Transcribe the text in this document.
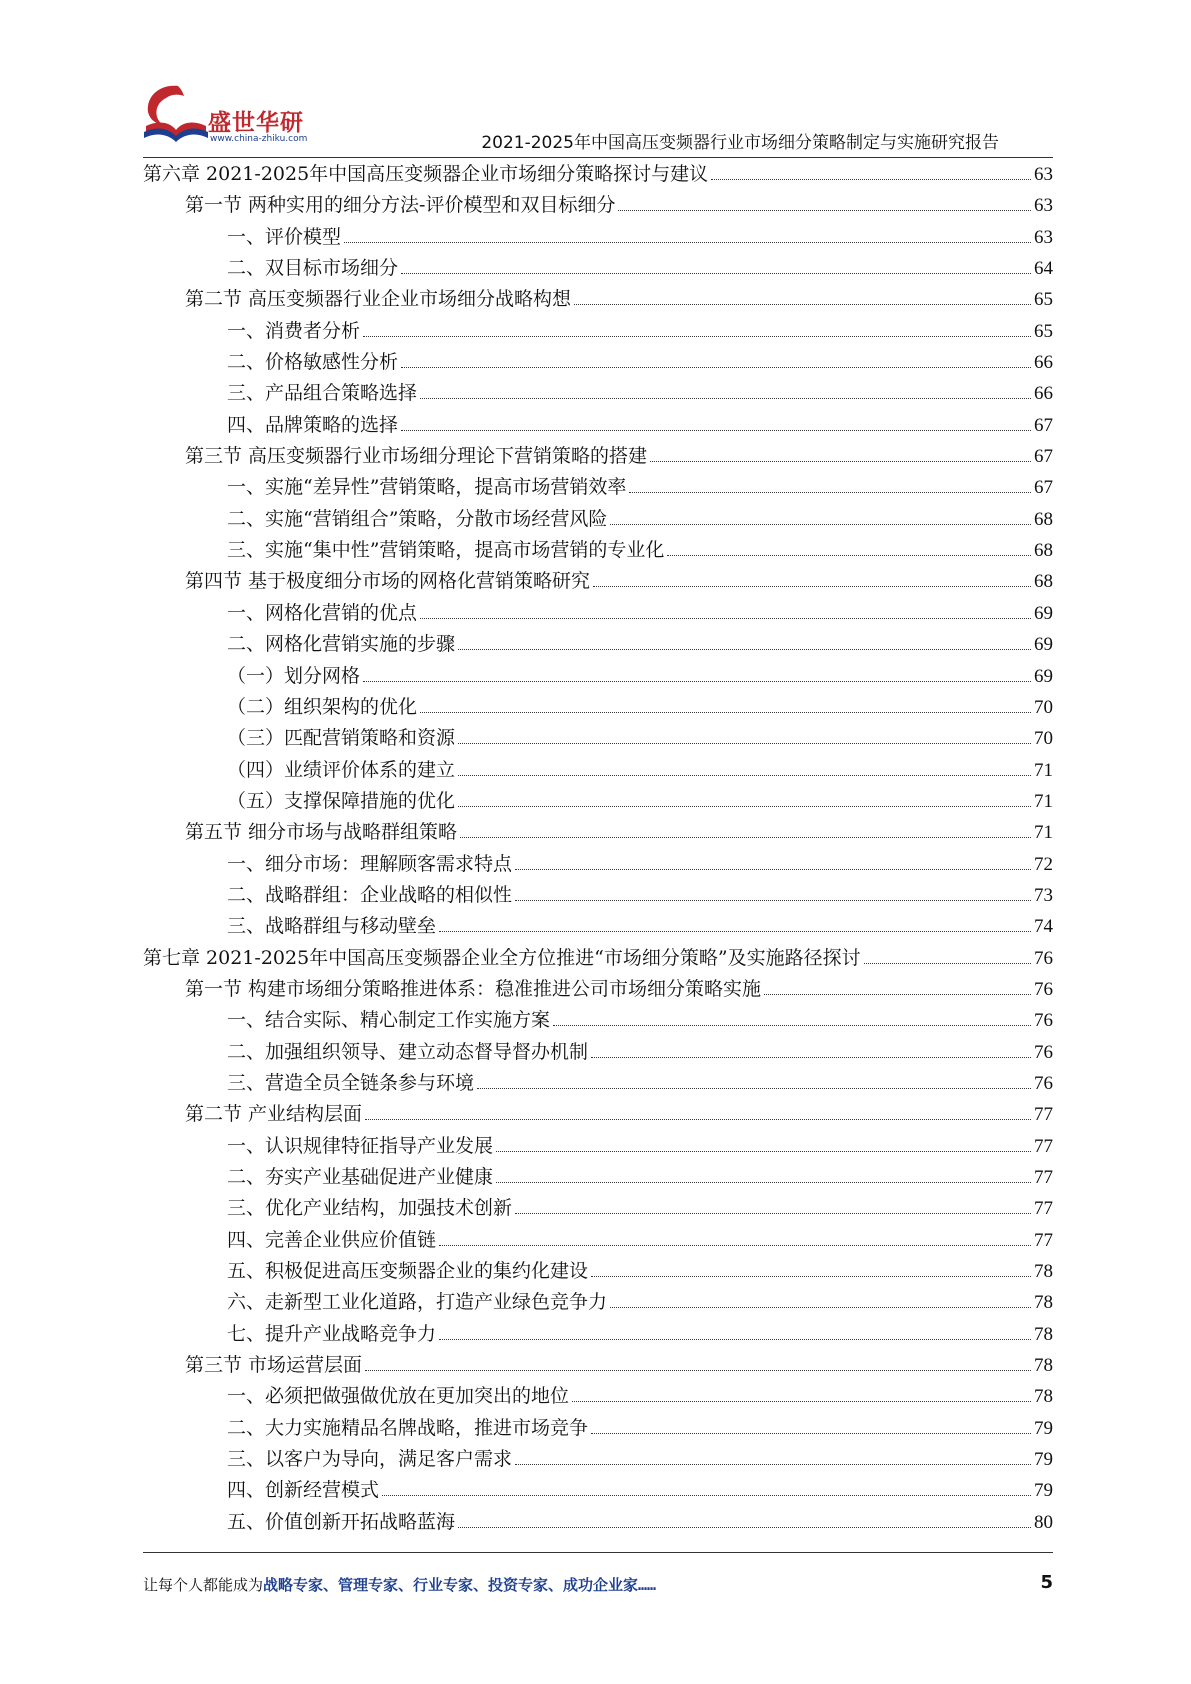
盛世华研
www.china-zhiku.com	2021-2025年中国高压变频器行业市场细分策略制定与实施研究报告
第六章 2021-2025年中国高压变频器企业市场细分策略探讨与建议	63
第一节 两种实用的细分方法-评价模型和双目标细分	63
一、评价模型	63
二、双目标市场细分	64
第二节 高压变频器行业企业市场细分战略构想	65
一、消费者分析	65
二、价格敏感性分析	66
三、产品组合策略选择	66
四、品牌策略的选择	67
第三节 高压变频器行业市场细分理论下营销策略的搭建	67
一、实施“差异性”营销策略，提高市场营销效率	67
二、实施“营销组合”策略，分散市场经营风险	68
三、实施“集中性”营销策略，提高市场营销的专业化	68
第四节 基于极度细分市场的网格化营销策略研究	68
一、网格化营销的优点	69
二、网格化营销实施的步骤	69
（一）划分网格	69
（二）组织架构的优化	70
（三）匹配营销策略和资源	70
（四）业绩评价体系的建立	71
（五）支撑保障措施的优化	71
第五节 细分市场与战略群组策略	71
一、细分市场：理解顾客需求特点	72
二、战略群组：企业战略的相似性	73
三、战略群组与移动壁垒	74
第七章 2021-2025年中国高压变频器企业全方位推进“市场细分策略”及实施路径探讨	76
第一节 构建市场细分策略推进体系：稳准推进公司市场细分策略实施	76
一、结合实际、精心制定工作实施方案	76
二、加强组织领导、建立动态督导督办机制	76
三、营造全员全链条参与环境	76
第二节 产业结构层面	77
一、认识规律特征指导产业发展	77
二、夯实产业基础促进产业健康	77
三、优化产业结构，加强技术创新	77
四、完善企业供应价值链	77
五、积极促进高压变频器企业的集约化建设	78
六、走新型工业化道路，打造产业绿色竞争力	78
七、提升产业战略竞争力	78
第三节 市场运营层面	78
一、必须把做强做优放在更加突出的地位	78
二、大力实施精品名牌战略，推进市场竞争	79
三、以客户为导向，满足客户需求	79
四、创新经营模式	79
五、价值创新开拓战略蓝海	80
让每个人都能成为战略专家、管理专家、行业专家、投资专家、成功企业家……	5
